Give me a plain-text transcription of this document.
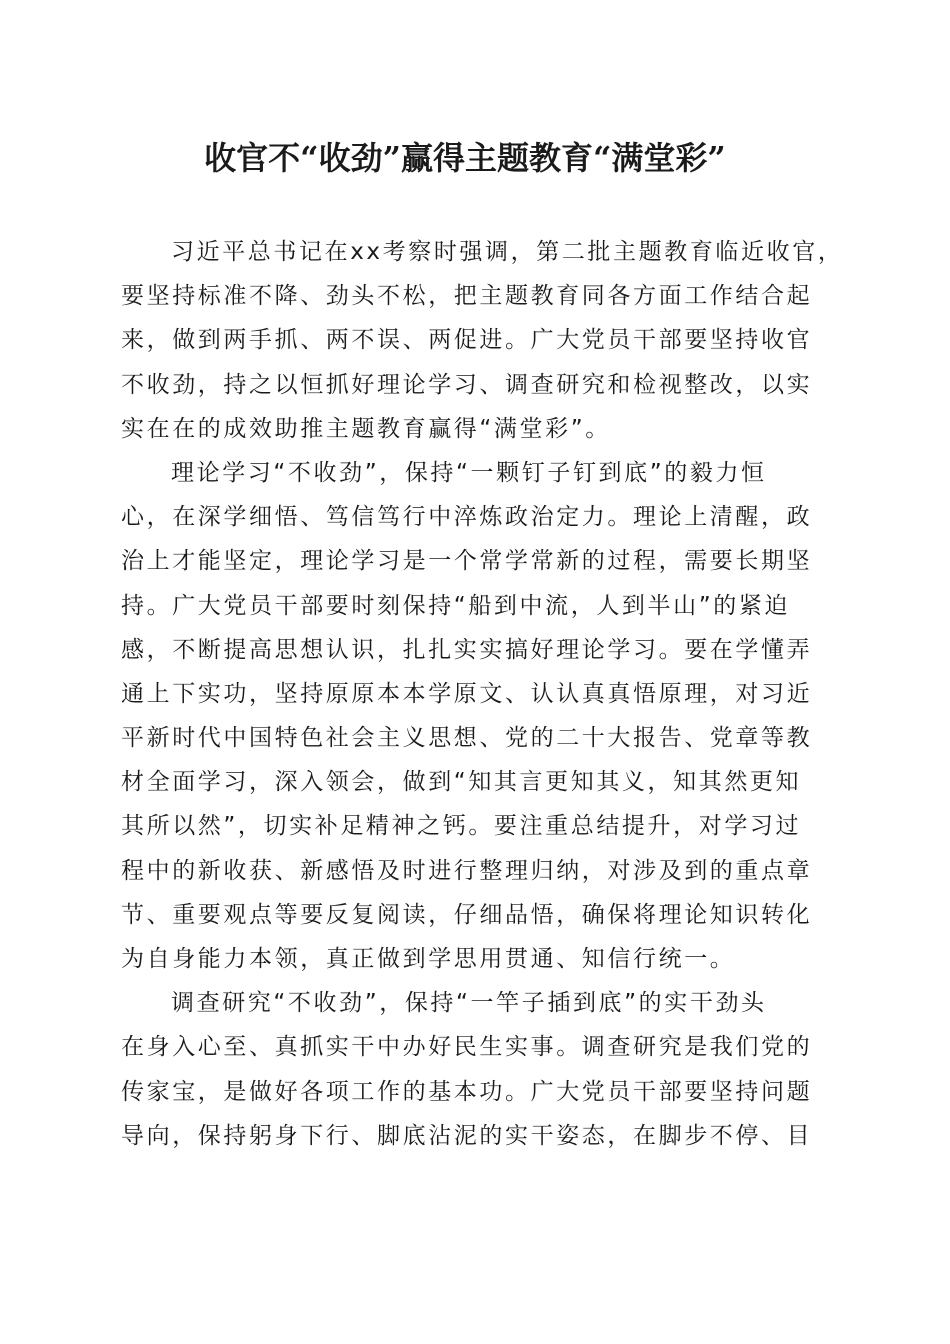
收官不“收劲”赢得主题教育“满堂彩”
习近平总书记在xx考察时强调，第二批主题教育临近收官，
要坚持标准不降、劲头不松，把主题教育同各方面工作结合起
来，做到两手抓、两不误、两促进。广大党员干部要坚持收官
不收劲，持之以恒抓好理论学习、调查研究和检视整改，以实
实在在的成效助推主题教育赢得“满堂彩”。
理论学习“不收劲”，保持“一颗钉子钉到底”的毅力恒
心，在深学细悟、笃信笃行中淬炼政治定力。理论上清醒，政
治上才能坚定，理论学习是一个常学常新的过程，需要长期坚
持。广大党员干部要时刻保持“船到中流，人到半山”的紧迫
感，不断提高思想认识，扎扎实实搞好理论学习。要在学懂弄
通上下实功，坚持原原本本学原文、认认真真悟原理，对习近
平新时代中国特色社会主义思想、党的二十大报告、党章等教
材全面学习，深入领会，做到“知其言更知其义，知其然更知
其所以然”，切实补足精神之钙。要注重总结提升，对学习过
程中的新收获、新感悟及时进行整理归纳，对涉及到的重点章
节、重要观点等要反复阅读，仔细品悟，确保将理论知识转化
为自身能力本领，真正做到学思用贯通、知信行统一。
调查研究“不收劲”，保持“一竿子插到底”的实干劲头
在身入心至、真抓实干中办好民生实事。调查研究是我们党的
传家宝，是做好各项工作的基本功。广大党员干部要坚持问题
导向，保持躬身下行、脚底沾泥的实干姿态，在脚步不停、目
